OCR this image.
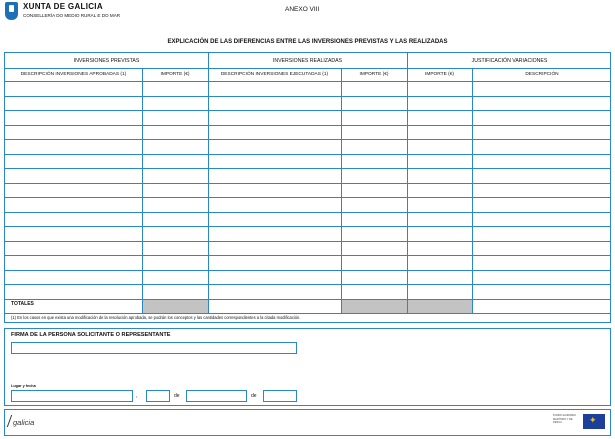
XUNTA DE GALICIA
CONSELLERÍA DO MEDIO RURAL E DO MAR
ANEXO VIII
EXPLICACIÓN DE LAS DIFERENCIAS ENTRE LAS INVERSIONES PREVISTAS Y LAS REALIZADAS
INVERSIONES PREVISTAS	INVERSIONES REALIZADAS	JUSTIFICACIÓN VARIACIONES
DESCRIPCIÓN INVERSIONES APROBADAS (1)	IMPORTE (€)	DESCRIPCIÓN INVERSIONES EJECUTADAS (1)	IMPORTE (€)	IMPORTE (€)	DESCRIPCIÓN
TOTALES
(1) En los casos en que exista una modificación de la resolución aprobada, se podrán los conceptos y las cantidades correspondientes a la citada modificación.
FIRMA DE LA PERSONA SOLICITANTE O REPRESENTANTE
Lugar y fecha
,	de	de
galicia
FONDO EUROPEO MARÍTIMO Y DE PESCA
✦
